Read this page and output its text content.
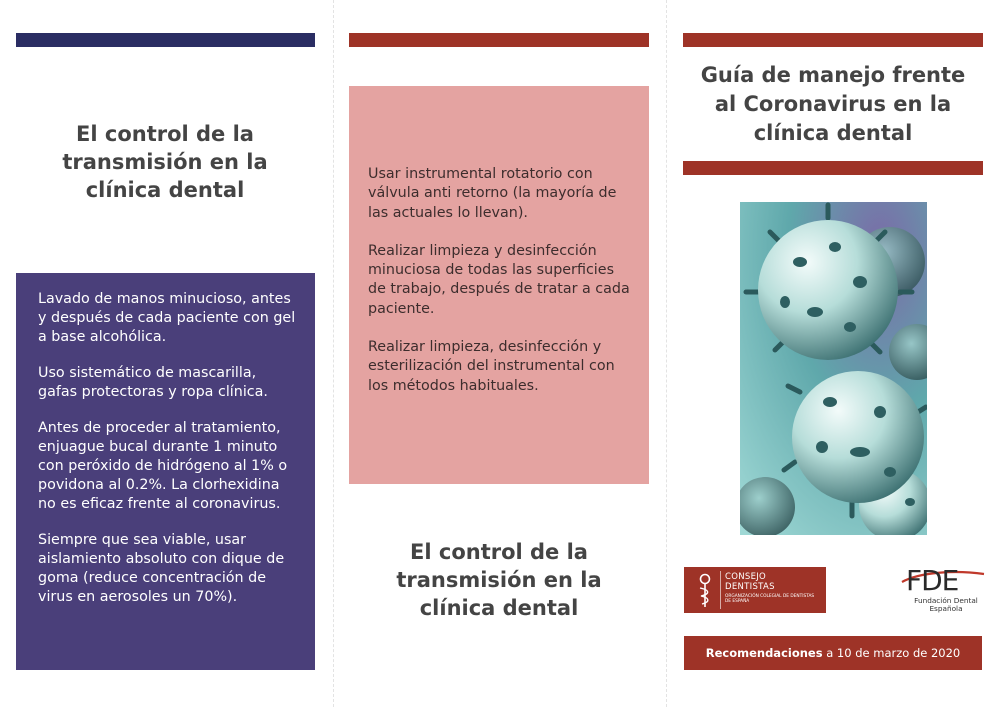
El control de la transmisión en la clínica dental

Lavado de manos minucioso, antes y después de cada paciente con gel a base alcohólica.

Uso sistemático de mascarilla, gafas protectoras y ropa clínica.

Antes de proceder al tratamiento, enjuague bucal durante 1 minuto con peróxido de hidrógeno al 1% o povidona al 0.2%. La clorhexidina no es eficaz frente al coronavirus.

Siempre que sea viable, usar aislamiento absoluto con dique de goma (reduce concentración de virus en aerosoles un 70%).

Usar instrumental rotatorio con válvula anti retorno (la mayoría de las actuales lo llevan).

Realizar limpieza y desinfección minuciosa de todas las superficies de trabajo, después de tratar a cada paciente.

Realizar limpieza, desinfección y esterilización del instrumental con los métodos habituales.

El control de la transmisión en la clínica dental
Guía de manejo frente al Coronavirus en la clínica dental
CONSEJO DENTISTAS
ORGANIZACIÓN COLEGIAL DE DENTISTAS DE ESPAÑA
FDE
Fundación Dental Española
Recomendaciones a 10 de marzo de 2020
